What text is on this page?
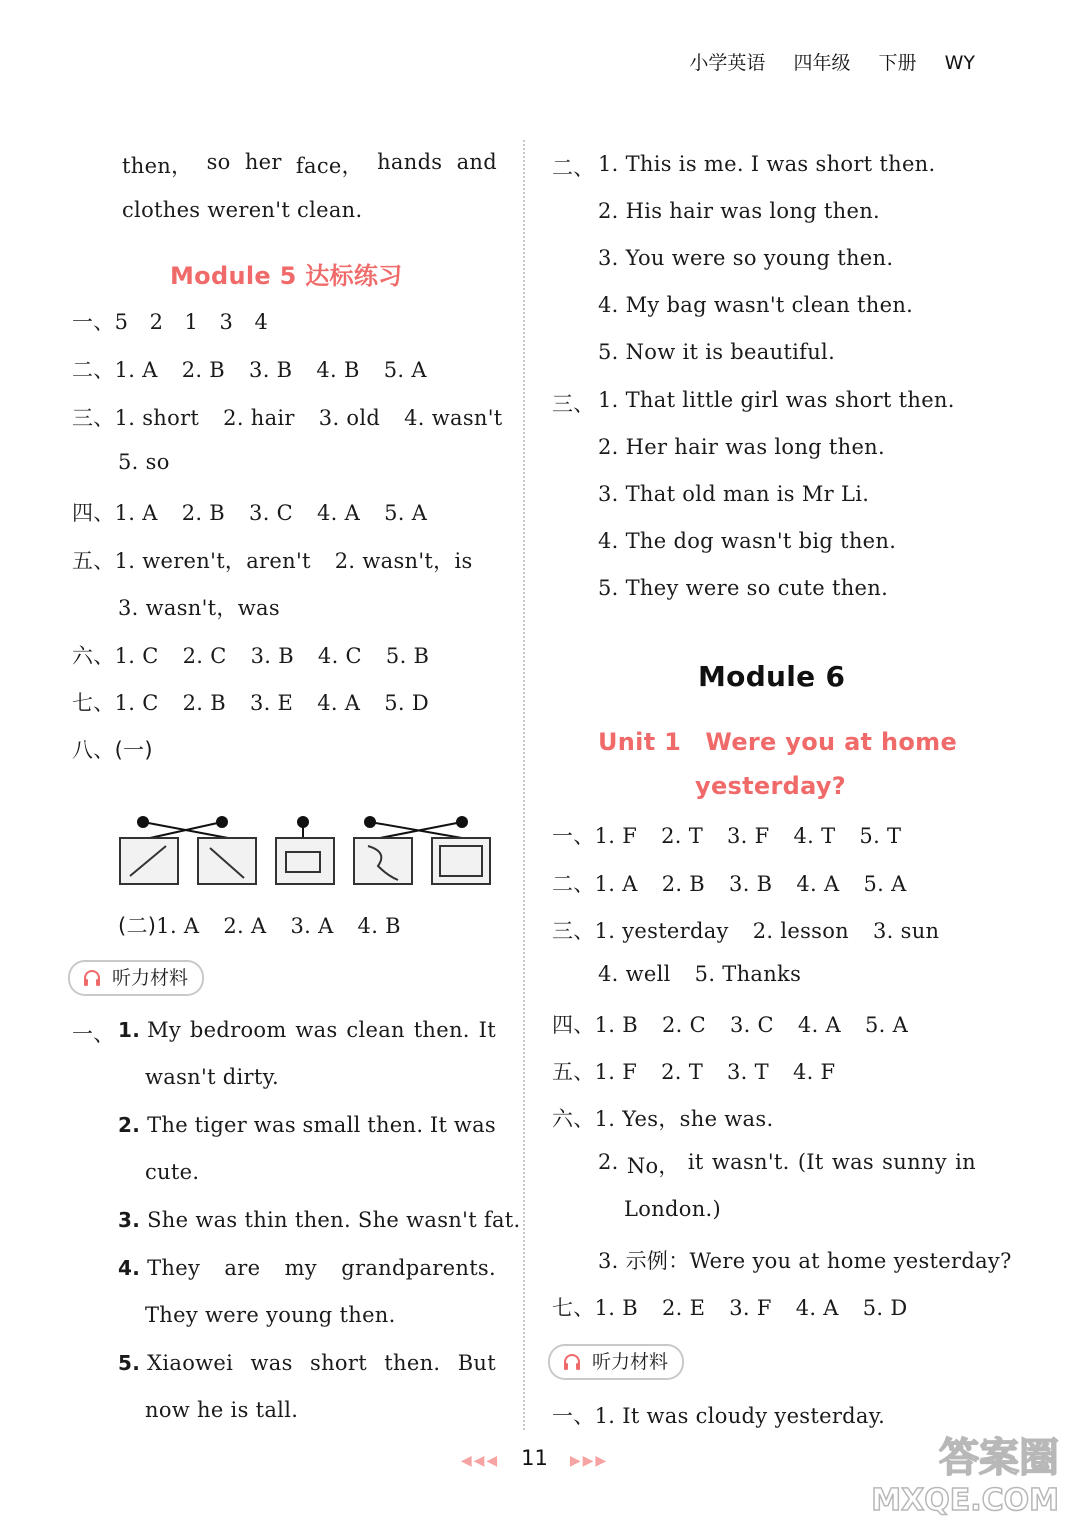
小学英语 四年级 下册 WY
then， so her face， hands and
clothes weren't clean.
Module 5 达标练习
一、5　2　1　3　4
二、1. A 2. B 3. B 4. B 5. A
三、1. short 2. hair 3. old 4. wasn't
5. so
四、1. A 2. B 3. C 4. A 5. A
五、1. weren't，aren't 2. wasn't，is
3. wasn't，was
六、1. C 2. C 3. B 4. C 5. B
七、1. C 2. B 3. E 4. A 5. D
八、(一)
(二)1. A 2. A 3. A 4. B
听力材料
一、 1. My bedroom was clean then. It
wasn't dirty.
2. The tiger was small then. It was
cute.
3. She was thin then. She wasn't fat.
4. They are my grandparents.
They were young then.
5. Xiaowei was short then. But
now he is tall.
二、 1. This is me. I was short then.
2. His hair was long then.
3. You were so young then.
4. My bag wasn't clean then.
5. Now it is beautiful.
三、 1. That little girl was short then.
2. Her hair was long then.
3. That old man is Mr Li.
4. The dog wasn't big then.
5. They were so cute then.
Module 6
Unit 1　Were you at home
yesterday?
一、1. F 2. T 3. F 4. T 5. T
二、1. A 2. B 3. B 4. A 5. A
三、1. yesterday 2. lesson 3. sun
4. well 5. Thanks
四、1. B 2. C 3. C 4. A 5. A
五、1. F 2. T 3. T 4. F
六、1. Yes，she was.
2. No， it wasn't. (It was sunny in
London.)
3. 示例：Were you at home yesterday?
七、1. B 2. E 3. F 4. A 5. D
听力材料
一、1. It was cloudy yesterday.
◀◀◀ 11 ▶▶▶	答案圈
MXQE.COM
